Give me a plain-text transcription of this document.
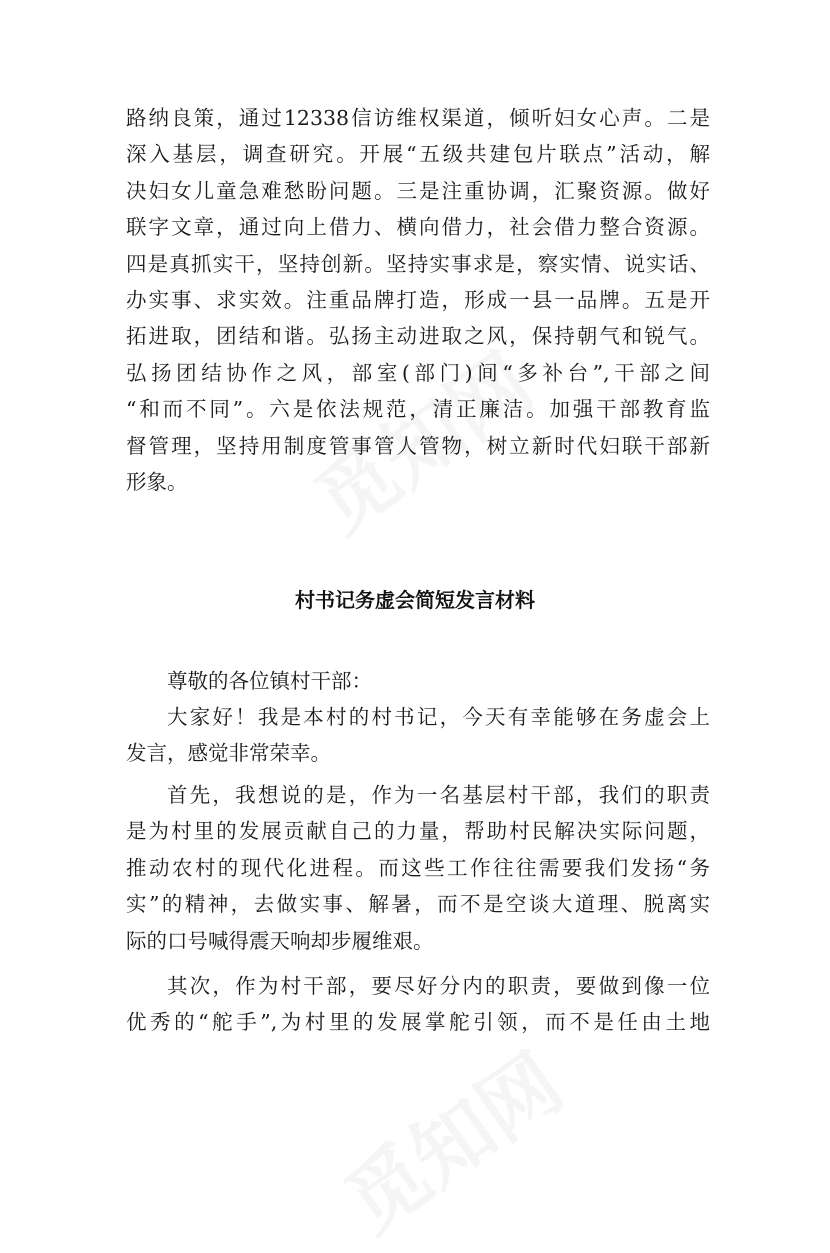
路纳良策，通过12338信访维权渠道，倾听妇女心声。二是
深入基层，调查研究。开展“五级共建包片联点”活动，解
决妇女儿童急难愁盼问题。三是注重协调，汇聚资源。做好
联字文章，通过向上借力、横向借力，社会借力整合资源。
四是真抓实干，坚持创新。坚持实事求是，察实情、说实话、
办实事、求实效。注重品牌打造，形成一县一品牌。五是开
拓进取，团结和谐。弘扬主动进取之风，保持朝气和锐气。
弘扬团结协作之风，部室(部门)间“多补台”,干部之间
“和而不同”。六是依法规范，清正廉洁。加强干部教育监
督管理，坚持用制度管事管人管物，树立新时代妇联干部新
形象。
村书记务虚会简短发言材料
尊敬的各位镇村干部：
大家好！我是本村的村书记，今天有幸能够在务虚会上
发言，感觉非常荣幸。
首先，我想说的是，作为一名基层村干部，我们的职责
是为村里的发展贡献自己的力量，帮助村民解决实际问题，
推动农村的现代化进程。而这些工作往往需要我们发扬“务
实”的精神，去做实事、解暑，而不是空谈大道理、脱离实
际的口号喊得震天响却步履维艰。
其次，作为村干部，要尽好分内的职责，要做到像一位
优秀的“舵手”,为村里的发展掌舵引领，而不是任由土地
